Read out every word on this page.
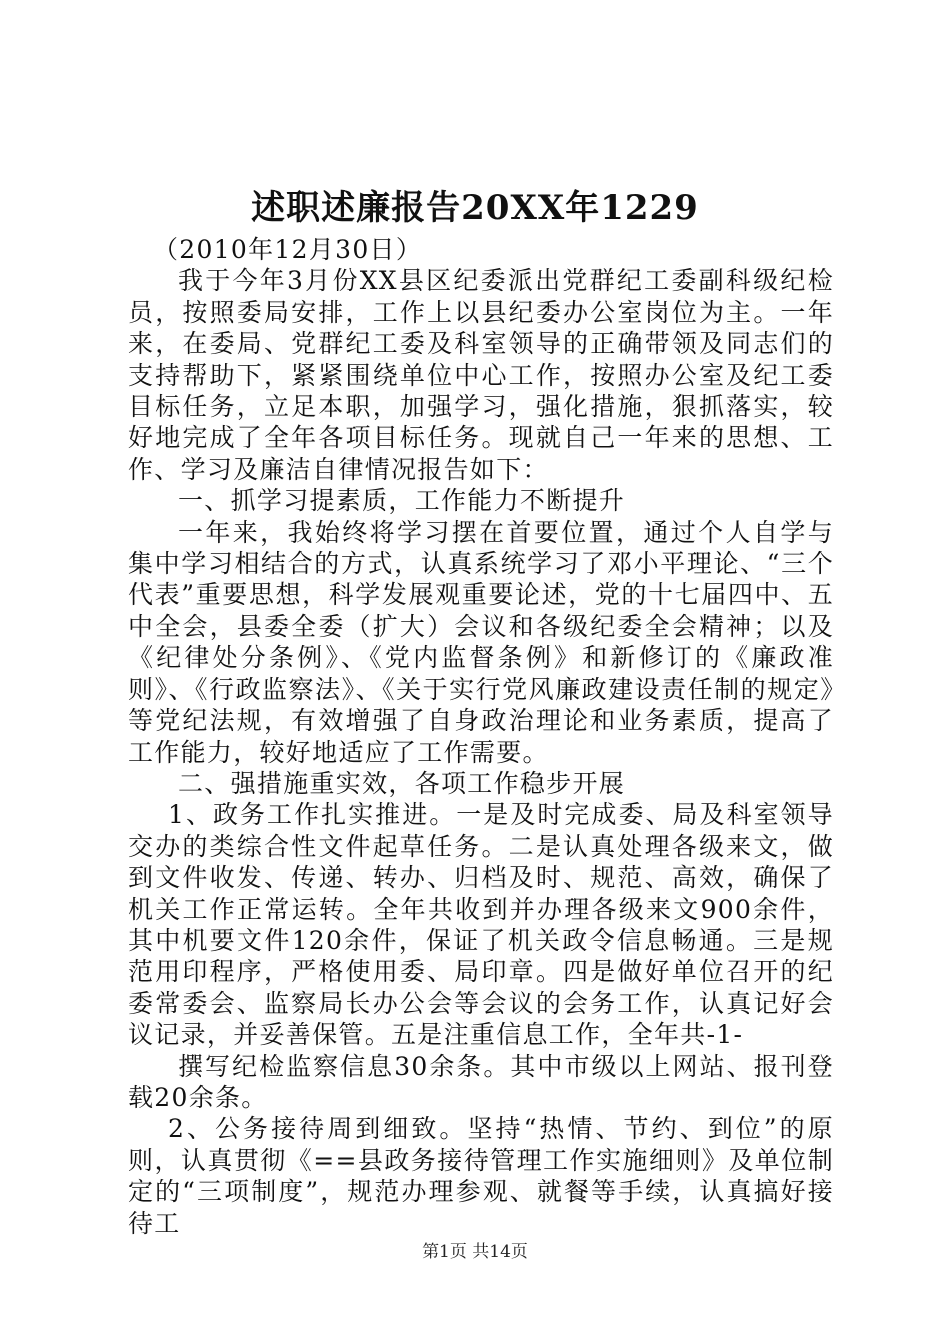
述职述廉报告20XX年1229

（2010年12月30日）

我于今年3月份XX县区纪委派出党群纪工委副科级纪检员，按照委局安排，工作上以县纪委办公室岗位为主。一年来，在委局、党群纪工委及科室领导的正确带领及同志们的支持帮助下，紧紧围绕单位中心工作，按照办公室及纪工委目标任务，立足本职，加强学习，强化措施，狠抓落实，较好地完成了全年各项目标任务。现就自己一年来的思想、工作、学习及廉洁自律情况报告如下：

一、抓学习提素质，工作能力不断提升

一年来，我始终将学习摆在首要位置，通过个人自学与集中学习相结合的方式，认真系统学习了邓小平理论、“三个代表”重要思想，科学发展观重要论述，党的十七届四中、五中全会，县委全委（扩大）会议和各级纪委全会精神；以及《纪律处分条例》、《党内监督条例》和新修订的《廉政准则》、《行政监察法》、《关于实行党风廉政建设责任制的规定》等党纪法规，有效增强了自身政治理论和业务素质，提高了工作能力，较好地适应了工作需要。

二、强措施重实效，各项工作稳步开展

1、政务工作扎实推进。一是及时完成委、局及科室领导交办的类综合性文件起草任务。二是认真处理各级来文，做到文件收发、传递、转办、归档及时、规范、高效，确保了机关工作正常运转。全年共收到并办理各级来文900余件，其中机要文件120余件，保证了机关政令信息畅通。三是规范用印程序，严格使用委、局印章。四是做好单位召开的纪委常委会、监察局长办公会等会议的会务工作，认真记好会议记录，并妥善保管。五是注重信息工作，全年共-1-

撰写纪检监察信息30余条。其中市级以上网站、报刊登载20余条。

2、公务接待周到细致。坚持“热情、节约、到位”的原则，认真贯彻《==县政务接待管理工作实施细则》及单位制定的“三项制度”，规范办理参观、就餐等手续，认真搞好接待工

第1页 共14页
